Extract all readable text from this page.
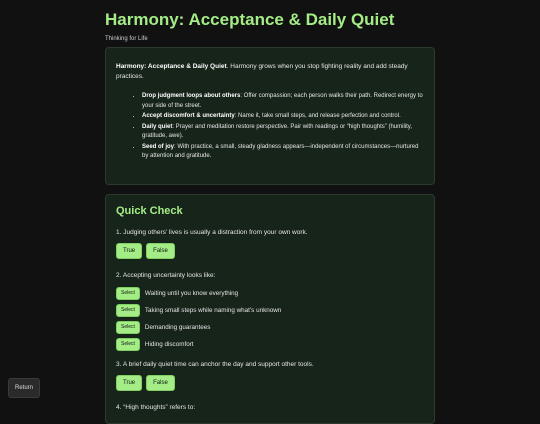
Harmony: Acceptance & Daily Quiet
Thinking for Life

Harmony: Acceptance & Daily Quiet. Harmony grows when you stop fighting reality and add steady practices.

• Drop judgment loops about others: Offer compassion; each person walks their path. Redirect energy to your side of the street.
• Accept discomfort & uncertainty: Name it, take small steps, and release perfection and control.
• Daily quiet: Prayer and meditation restore perspective. Pair with readings or “high thoughts” (humility, gratitude, awe).
• Seed of joy: With practice, a small, steady gladness appears—independent of circumstances—nurtured by attention and gratitude.
Quick Check
1. Judging others’ lives is usually a distraction from your own work.
True	False
2. Accepting uncertainty looks like:
Select	Waiting until you know everything
Select	Taking small steps while naming what’s unknown
Select	Demanding guarantees
Select	Hiding discomfort
3. A brief daily quiet time can anchor the day and support other tools.
True	False
4. “High thoughts” refers to:
Return
